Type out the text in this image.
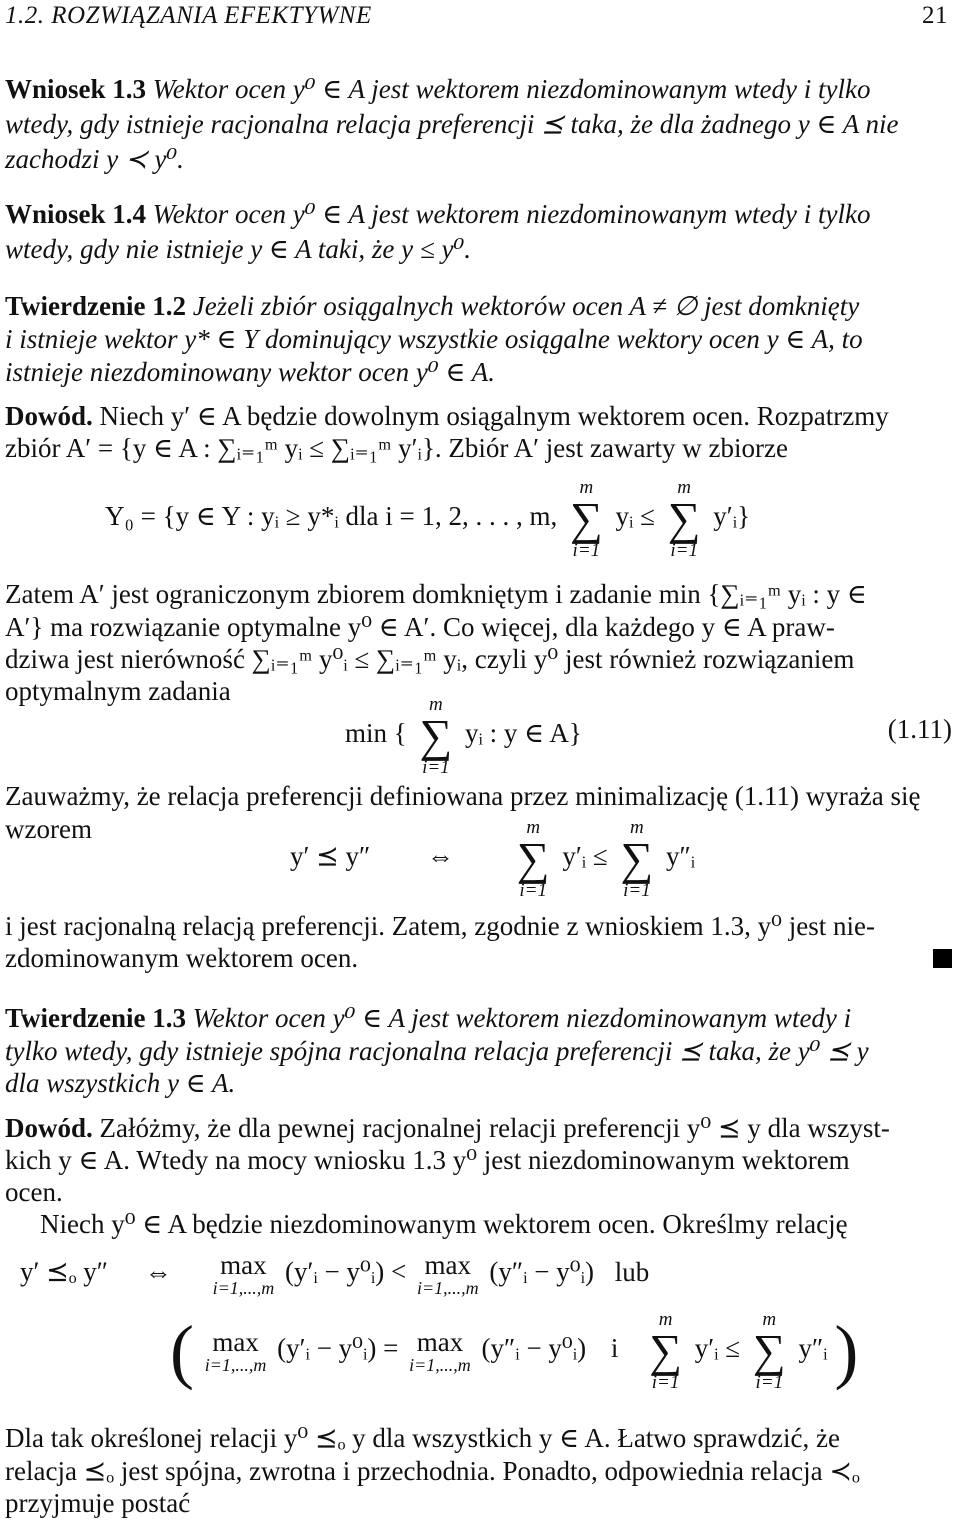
1.2. ROZWIĄZANIA EFEKTYWNE	21
Wniosek 1.3 Wektor ocen y⁰ ∈ A jest wektorem niezdominowanym wtedy i tylko
wtedy, gdy istnieje racjonalna relacja preferencji ⪯ taka, że dla żadnego y ∈ A nie
zachodzi y ≺ y⁰.
Wniosek 1.4 Wektor ocen y⁰ ∈ A jest wektorem niezdominowanym wtedy i tylko
wtedy, gdy nie istnieje y ∈ A taki, że y ≤ y⁰.
Twierdzenie 1.2 Jeżeli zbiór osiągalnych wektorów ocen A ≠ ∅ jest domknięty
i istnieje wektor y* ∈ Y dominujący wszystkie osiągalne wektory ocen y ∈ A, to
istnieje niezdominowany wektor ocen y⁰ ∈ A.
Dowód. Niech y′ ∈ A będzie dowolnym osiągalnym wektorem ocen. Rozpatrzmy
zbiór A′ = {y ∈ A : ∑ᵢ₌₁ᵐ yᵢ ≤ ∑ᵢ₌₁ᵐ y′ᵢ}. Zbiór A′ jest zawarty w zbiorze
Y₀ = {y ∈ Y : yᵢ ≥ y*ᵢ dla i = 1, 2, . . . , m,
m
∑
i=1
yᵢ ≤
m
∑
i=1
y′ᵢ}
Zatem A′ jest ograniczonym zbiorem domkniętym i zadanie min {∑ᵢ₌₁ᵐ yᵢ : y ∈
A′} ma rozwiązanie optymalne y⁰ ∈ A′. Co więcej, dla każdego y ∈ A praw-
dziwa jest nierówność ∑ᵢ₌₁ᵐ y⁰ᵢ ≤ ∑ᵢ₌₁ᵐ yᵢ, czyli y⁰ jest również rozwiązaniem
optymalnym zadania
min {
m
∑
i=1
yᵢ : y ∈ A}	(1.11)
Zauważmy, że relacja preferencji definiowana przez minimalizację (1.11) wyraża się
wzorem
y′ ⪯ y″ ⇔
m
∑
i=1
y′ᵢ ≤
m
∑
i=1
y″ᵢ
i jest racjonalną relacją preferencji. Zatem, zgodnie z wnioskiem 1.3, y⁰ jest nie-
zdominowanym wektorem ocen.
Twierdzenie 1.3 Wektor ocen y⁰ ∈ A jest wektorem niezdominowanym wtedy i
tylko wtedy, gdy istnieje spójna racjonalna relacja preferencji ⪯ taka, że y⁰ ⪯ y
dla wszystkich y ∈ A.
Dowód. Załóżmy, że dla pewnej racjonalnej relacji preferencji y⁰ ⪯ y dla wszyst-
kich y ∈ A. Wtedy na mocy wniosku 1.3 y⁰ jest niezdominowanym wektorem
ocen.
Niech y⁰ ∈ A będzie niezdominowanym wektorem ocen. Określmy relację
y′ ⪯ₒ y″ ⇔ max
i=1,...,m
(y′ᵢ − y⁰ᵢ) < max
i=1,...,m
(y″ᵢ − y⁰ᵢ) lub
( max
i=1,...,m
(y′ᵢ − y⁰ᵢ) = max
i=1,...,m
(y″ᵢ − y⁰ᵢ) i
m
∑
i=1
y′ᵢ ≤
m
∑
i=1
y″ᵢ )
Dla tak określonej relacji y⁰ ⪯ₒ y dla wszystkich y ∈ A. Łatwo sprawdzić, że
relacja ⪯ₒ jest spójna, zwrotna i przechodnia. Ponadto, odpowiednia relacja ≺ₒ
przyjmuje postać
